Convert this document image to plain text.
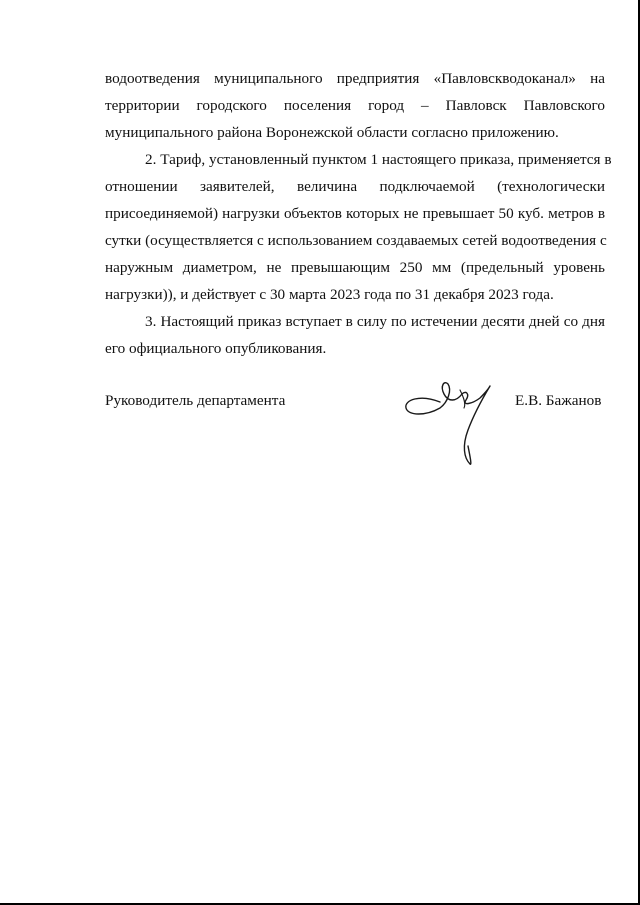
водоотведения муниципального предприятия «Павловскводоканал» на
территории городского поселения город – Павловск Павловского
муниципального района Воронежской области согласно приложению.
2. Тариф, установленный пунктом 1 настоящего приказа, применяется в
отношении заявителей, величина подключаемой (технологически
присоединяемой) нагрузки объектов которых не превышает 50 куб. метров в
сутки (осуществляется с использованием создаваемых сетей водоотведения с
наружным диаметром, не превышающим 250 мм (предельный уровень
нагрузки)), и действует с 30 марта 2023 года по 31 декабря 2023 года.
3. Настоящий приказ вступает в силу по истечении десяти дней со дня
его официального опубликования.
Руководитель департамента	Е.В. Бажанов
